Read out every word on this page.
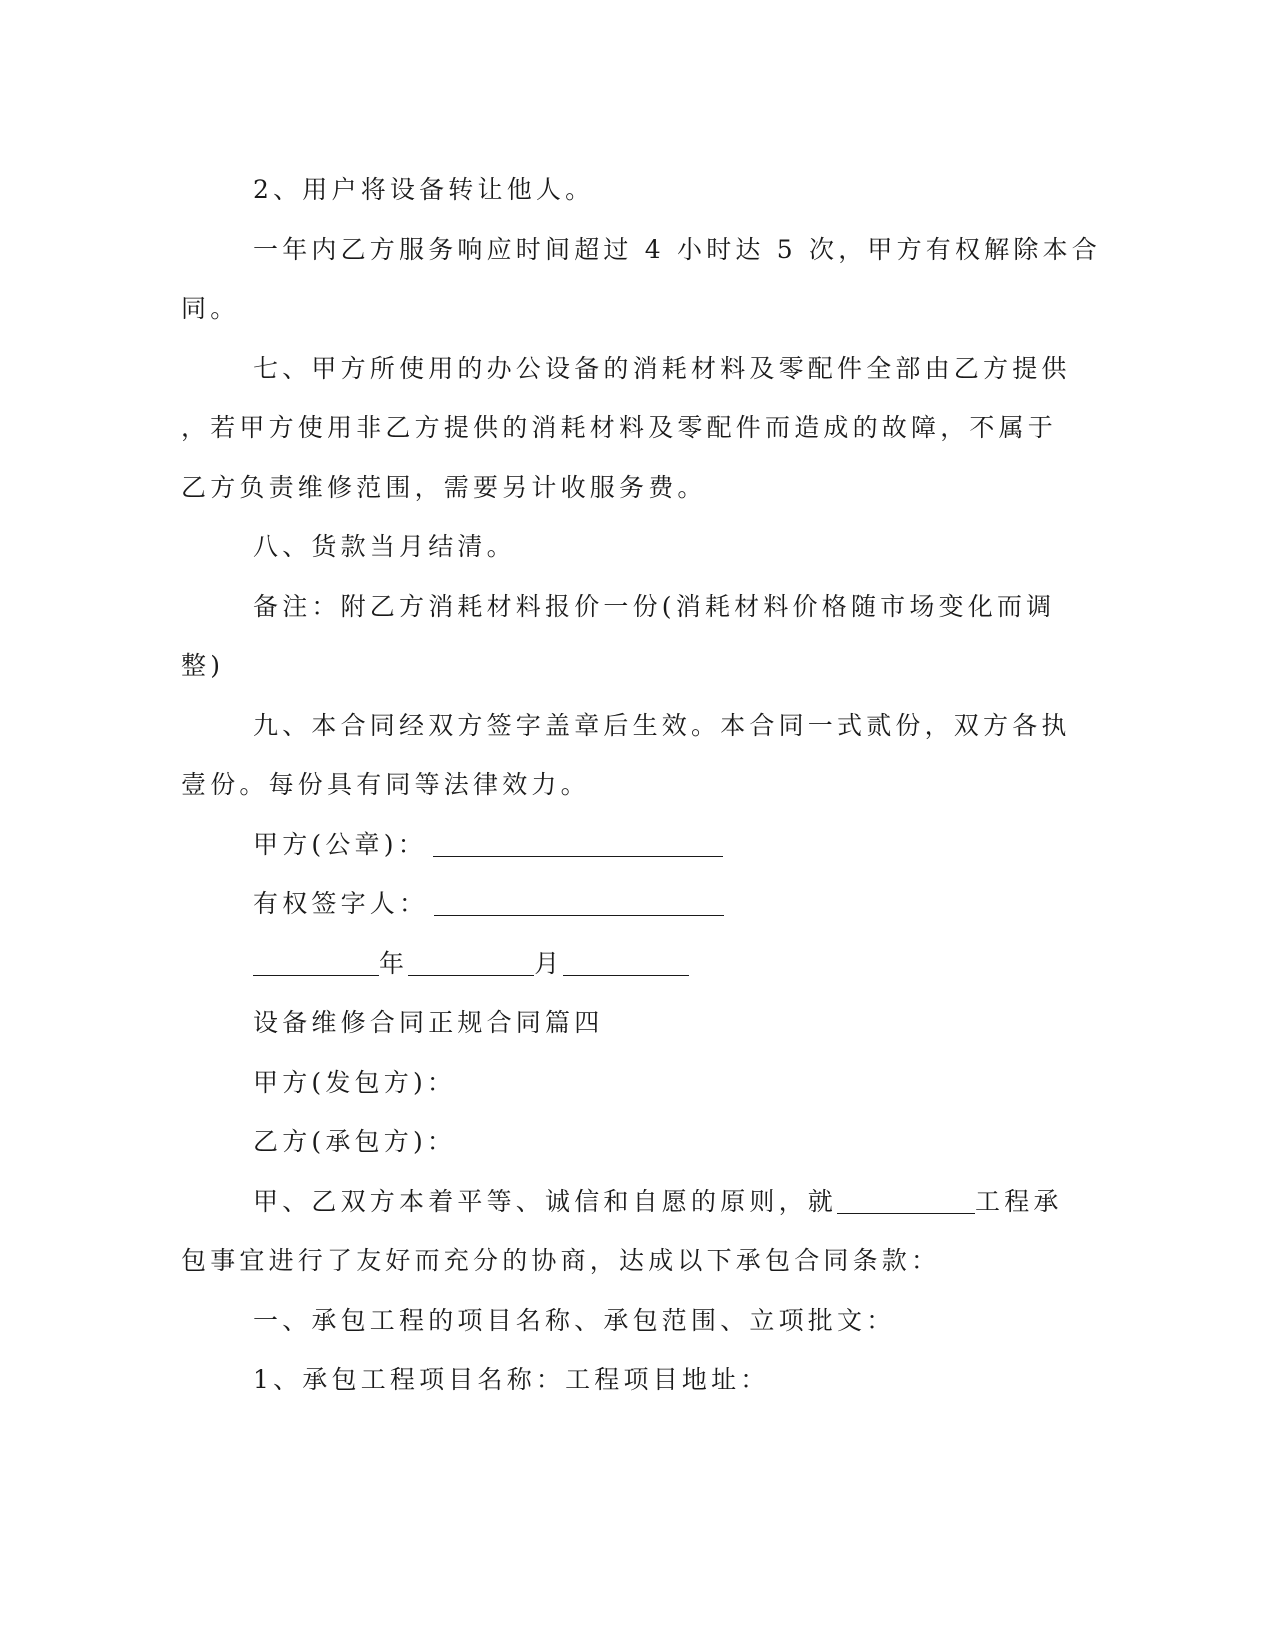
2、用户将设备转让他人。
一年内乙方服务响应时间超过 4 小时达 5 次，甲方有权解除本合
同。
七、甲方所使用的办公设备的消耗材料及零配件全部由乙方提供
，若甲方使用非乙方提供的消耗材料及零配件而造成的故障，不属于
乙方负责维修范围，需要另计收服务费。
八、货款当月结清。
备注：附乙方消耗材料报价一份(消耗材料价格随市场变化而调
整)
九、本合同经双方签字盖章后生效。本合同一式贰份，双方各执
壹份。每份具有同等法律效力。
甲方(公章)：
有权签字人：
年	月
设备维修合同正规合同篇四
甲方(发包方)：
乙方(承包方)：
甲、乙双方本着平等、诚信和自愿的原则，就	工程承
包事宜进行了友好而充分的协商，达成以下承包合同条款：
一、承包工程的项目名称、承包范围、立项批文：
1、承包工程项目名称：工程项目地址：
